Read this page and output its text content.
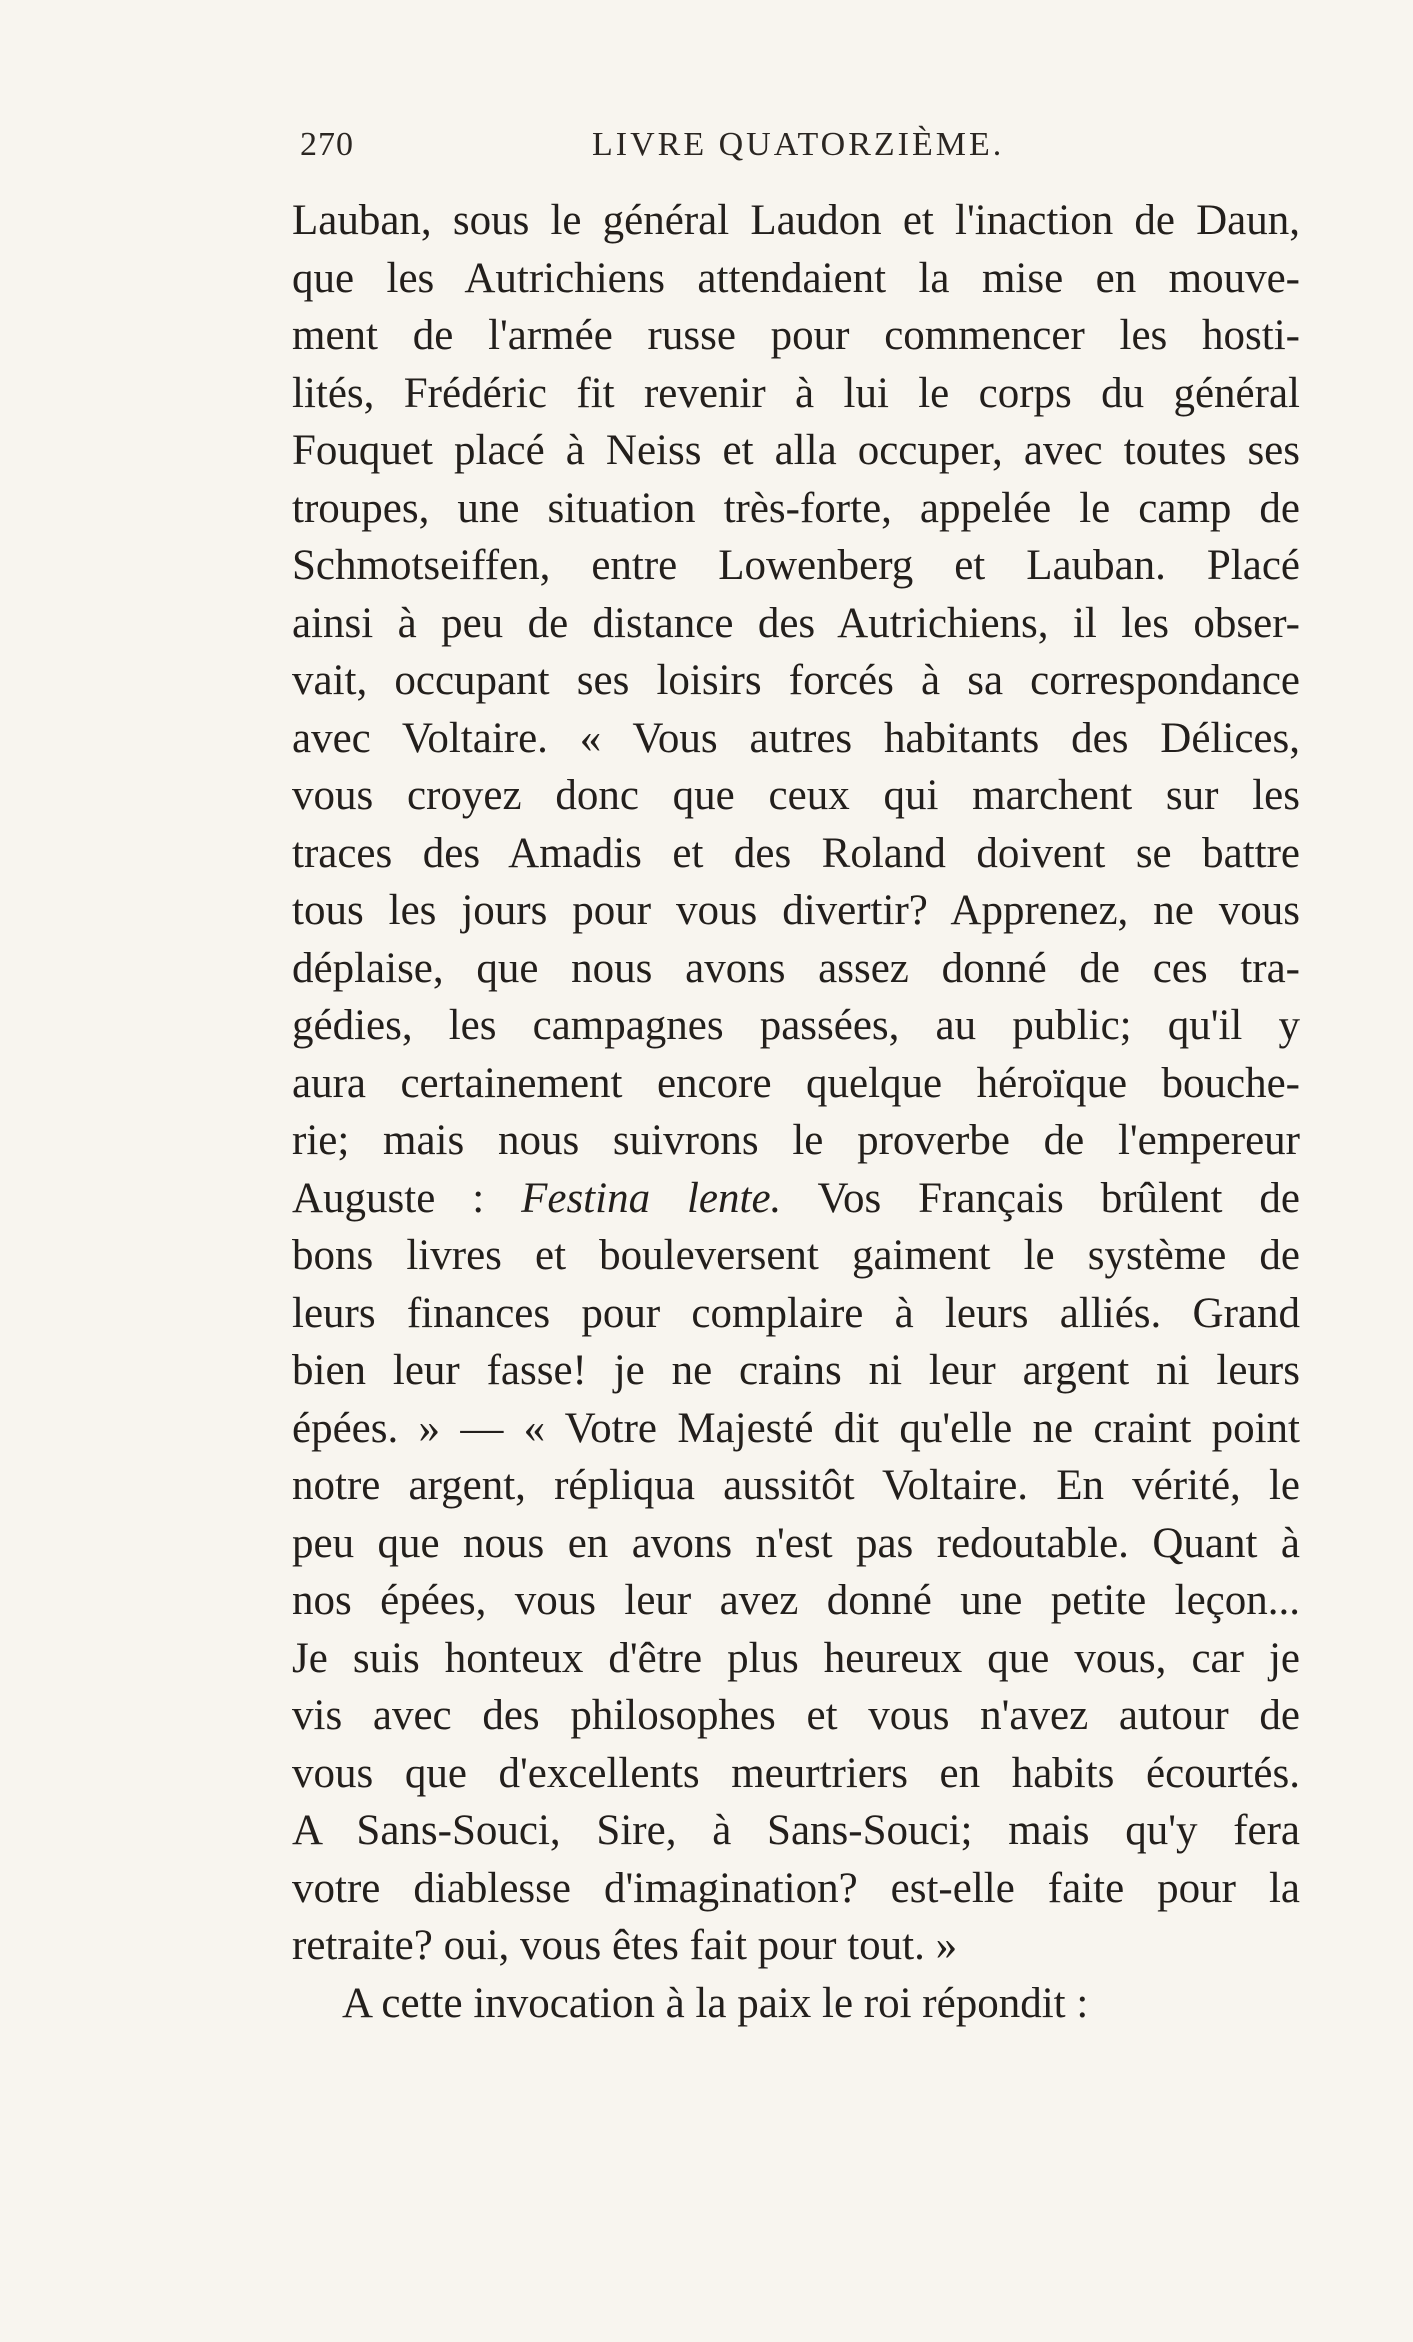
270	LIVRE QUATORZIÈME.
Lauban, sous le général Laudon et l'inaction de Daun,
que les Autrichiens attendaient la mise en mouve-
ment de l'armée russe pour commencer les hosti-
lités, Frédéric fit revenir à lui le corps du général
Fouquet placé à Neiss et alla occuper, avec toutes ses
troupes, une situation très-forte, appelée le camp de
Schmotseiffen, entre Lowenberg et Lauban. Placé
ainsi à peu de distance des Autrichiens, il les obser-
vait, occupant ses loisirs forcés à sa correspondance
avec Voltaire. « Vous autres habitants des Délices,
vous croyez donc que ceux qui marchent sur les
traces des Amadis et des Roland doivent se battre
tous les jours pour vous divertir? Apprenez, ne vous
déplaise, que nous avons assez donné de ces tra-
gédies, les campagnes passées, au public; qu'il y
aura certainement encore quelque héroïque bouche-
rie; mais nous suivrons le proverbe de l'empereur
Auguste : Festina lente. Vos Français brûlent de
bons livres et bouleversent gaiment le système de
leurs finances pour complaire à leurs alliés. Grand
bien leur fasse! je ne crains ni leur argent ni leurs
épées. » — « Votre Majesté dit qu'elle ne craint point
notre argent, répliqua aussitôt Voltaire. En vérité, le
peu que nous en avons n'est pas redoutable. Quant à
nos épées, vous leur avez donné une petite leçon...
Je suis honteux d'être plus heureux que vous, car je
vis avec des philosophes et vous n'avez autour de
vous que d'excellents meurtriers en habits écourtés.
A Sans-Souci, Sire, à Sans-Souci; mais qu'y fera
votre diablesse d'imagination? est-elle faite pour la
retraite? oui, vous êtes fait pour tout. »
A cette invocation à la paix le roi répondit :
